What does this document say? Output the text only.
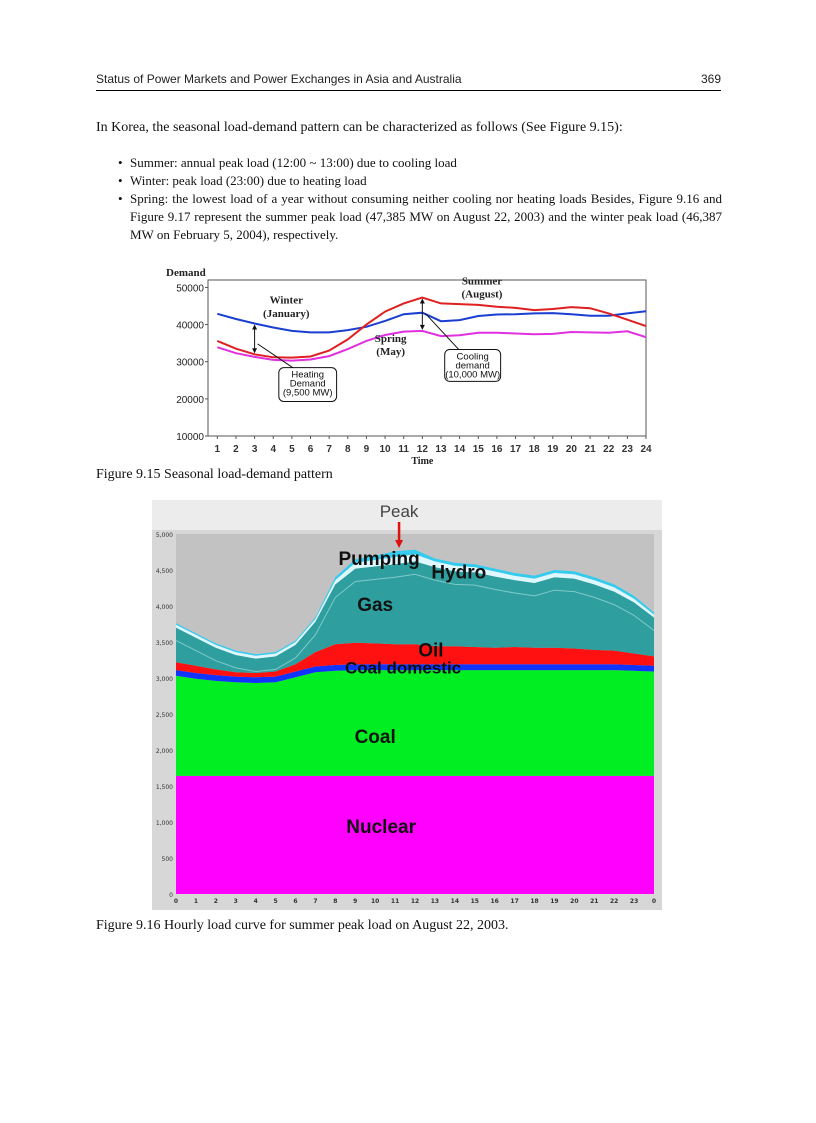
Status of Power Markets and Power Exchanges in Asia and Australia	369
In Korea, the seasonal load-demand pattern can be characterized as follows (See Figure 9.15):
• Summer: annual peak load (12:00 ~ 13:00) due to cooling load
• Winter: peak load (23:00) due to heating load
• Spring: the lowest load of a year without consuming neither cooling nor heating loads Besides, Figure 9.16 and Figure 9.17 represent the summer peak load (47,385 MW on August 22, 2003) and the winter peak load (46,387 MW on February 5, 2004), respectively.
Demand
50000
40000
30000
20000
10000
1 2 3 4 5 6 7 8 9 10 11 12 13 14 15 16 17 18 19 20 21 22 23 24
Time
Winter
(January)
Summer
(August)
Spring
(May)
Heating
Demand
(9,500 MW)
Cooling
demand
(10,000 MW)
Figure 9.15 Seasonal load-demand pattern
5,000
4,500
4,000
3,500
3,000
2,500
2,000
1,500
1,000
500
0
0	1	2	3	4	5	6	7	8	9 10 11 12 13 14 15 16 17 18 19 20 21 22 23 0
Peak
Pumping
Hydro
Gas
Oil
Coal domestic
Coal
Nuclear
Figure 9.16 Hourly load curve for summer peak load on August 22, 2003.
